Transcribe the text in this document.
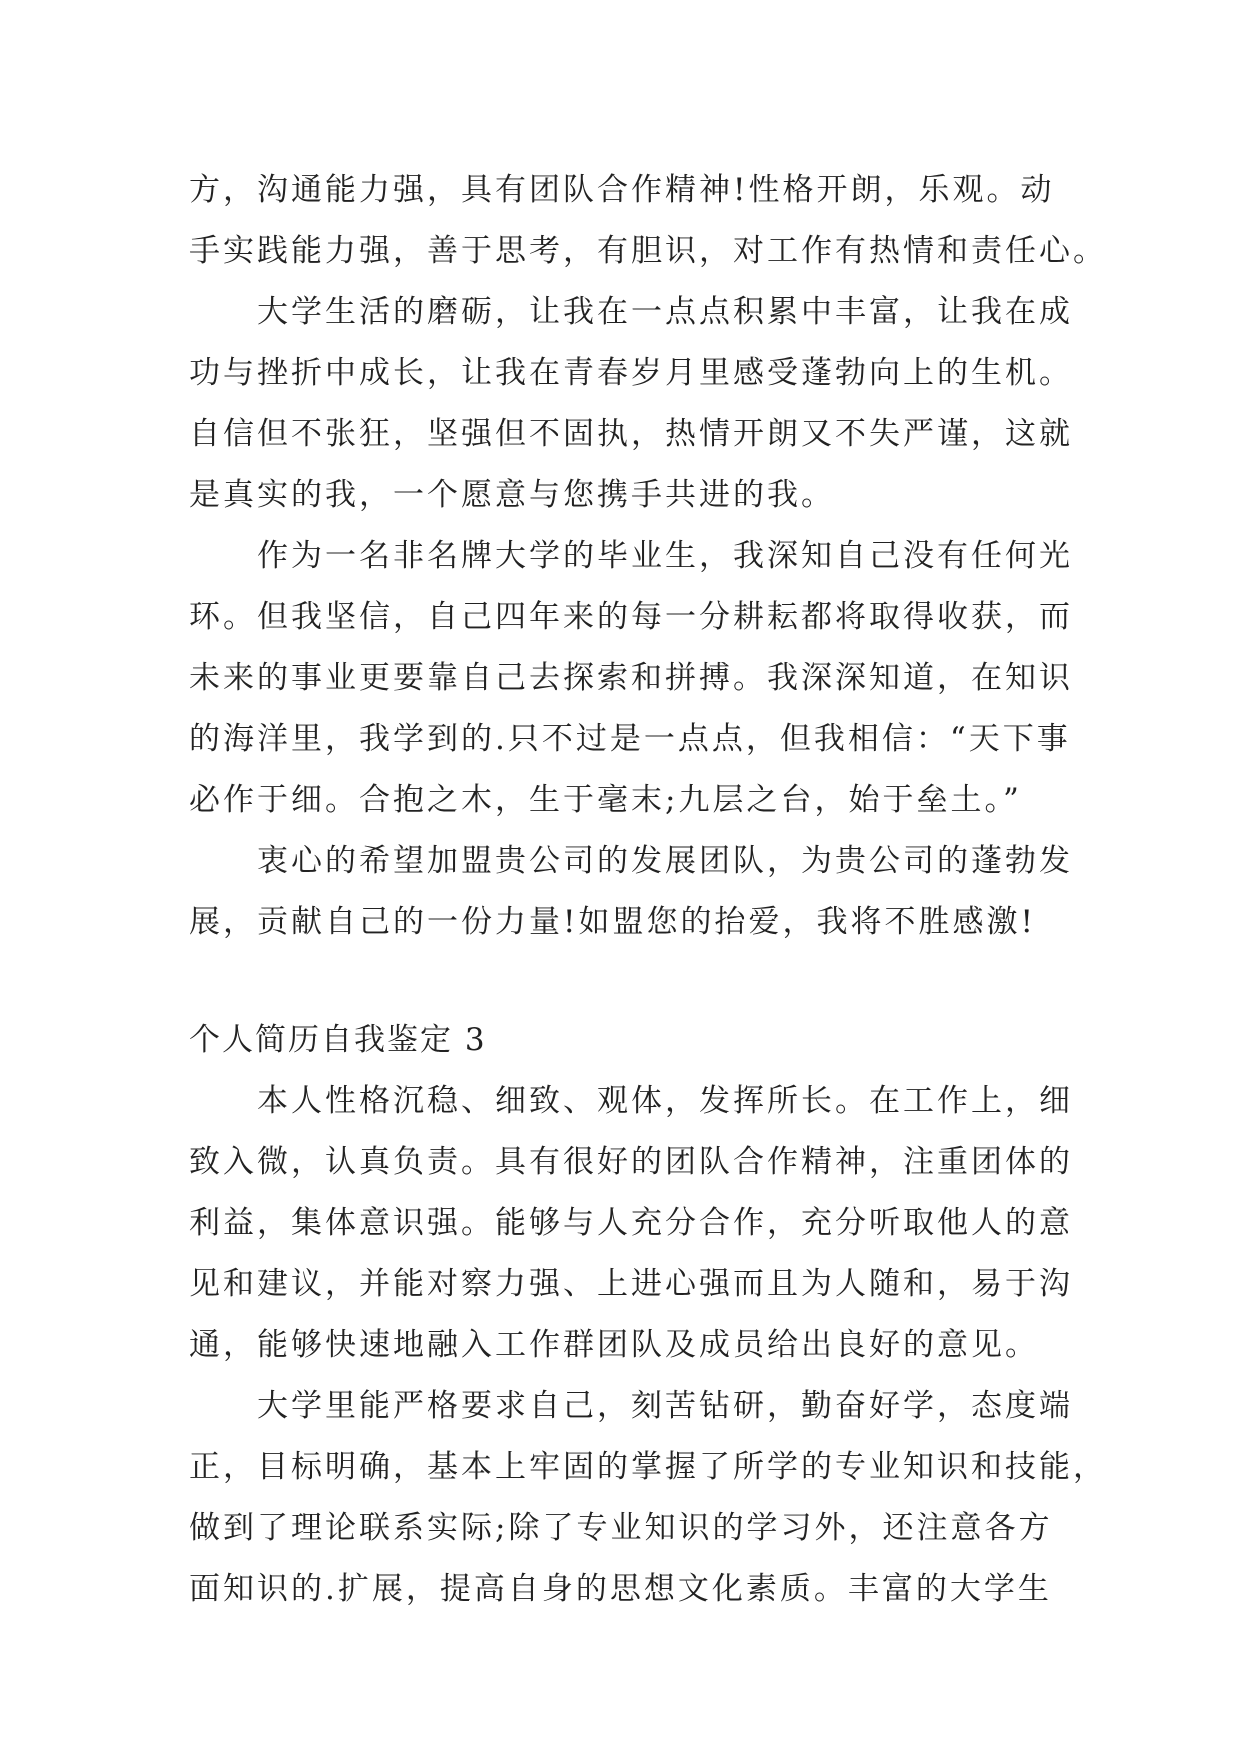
方，沟通能力强，具有团队合作精神!性格开朗，乐观。动
手实践能力强，善于思考，有胆识，对工作有热情和责任心。
大学生活的磨砺，让我在一点点积累中丰富，让我在成
功与挫折中成长，让我在青春岁月里感受蓬勃向上的生机。
自信但不张狂，坚强但不固执，热情开朗又不失严谨，这就
是真实的我，一个愿意与您携手共进的我。
作为一名非名牌大学的毕业生，我深知自己没有任何光
环。但我坚信，自己四年来的每一分耕耘都将取得收获，而
未来的事业更要靠自己去探索和拼搏。我深深知道，在知识
的海洋里，我学到的.只不过是一点点，但我相信：“天下事
必作于细。合抱之木，生于毫末;九层之台，始于垒土。”
衷心的希望加盟贵公司的发展团队，为贵公司的蓬勃发
展，贡献自己的一份力量!如盟您的抬爱，我将不胜感激!
个人简历自我鉴定 3
本人性格沉稳、细致、观体，发挥所长。在工作上，细
致入微，认真负责。具有很好的团队合作精神，注重团体的
利益，集体意识强。能够与人充分合作，充分听取他人的意
见和建议，并能对察力强、上进心强而且为人随和，易于沟
通，能够快速地融入工作群团队及成员给出良好的意见。
大学里能严格要求自己，刻苦钻研，勤奋好学，态度端
正，目标明确，基本上牢固的掌握了所学的专业知识和技能，
做到了理论联系实际;除了专业知识的学习外，还注意各方
面知识的.扩展，提高自身的思想文化素质。丰富的大学生
